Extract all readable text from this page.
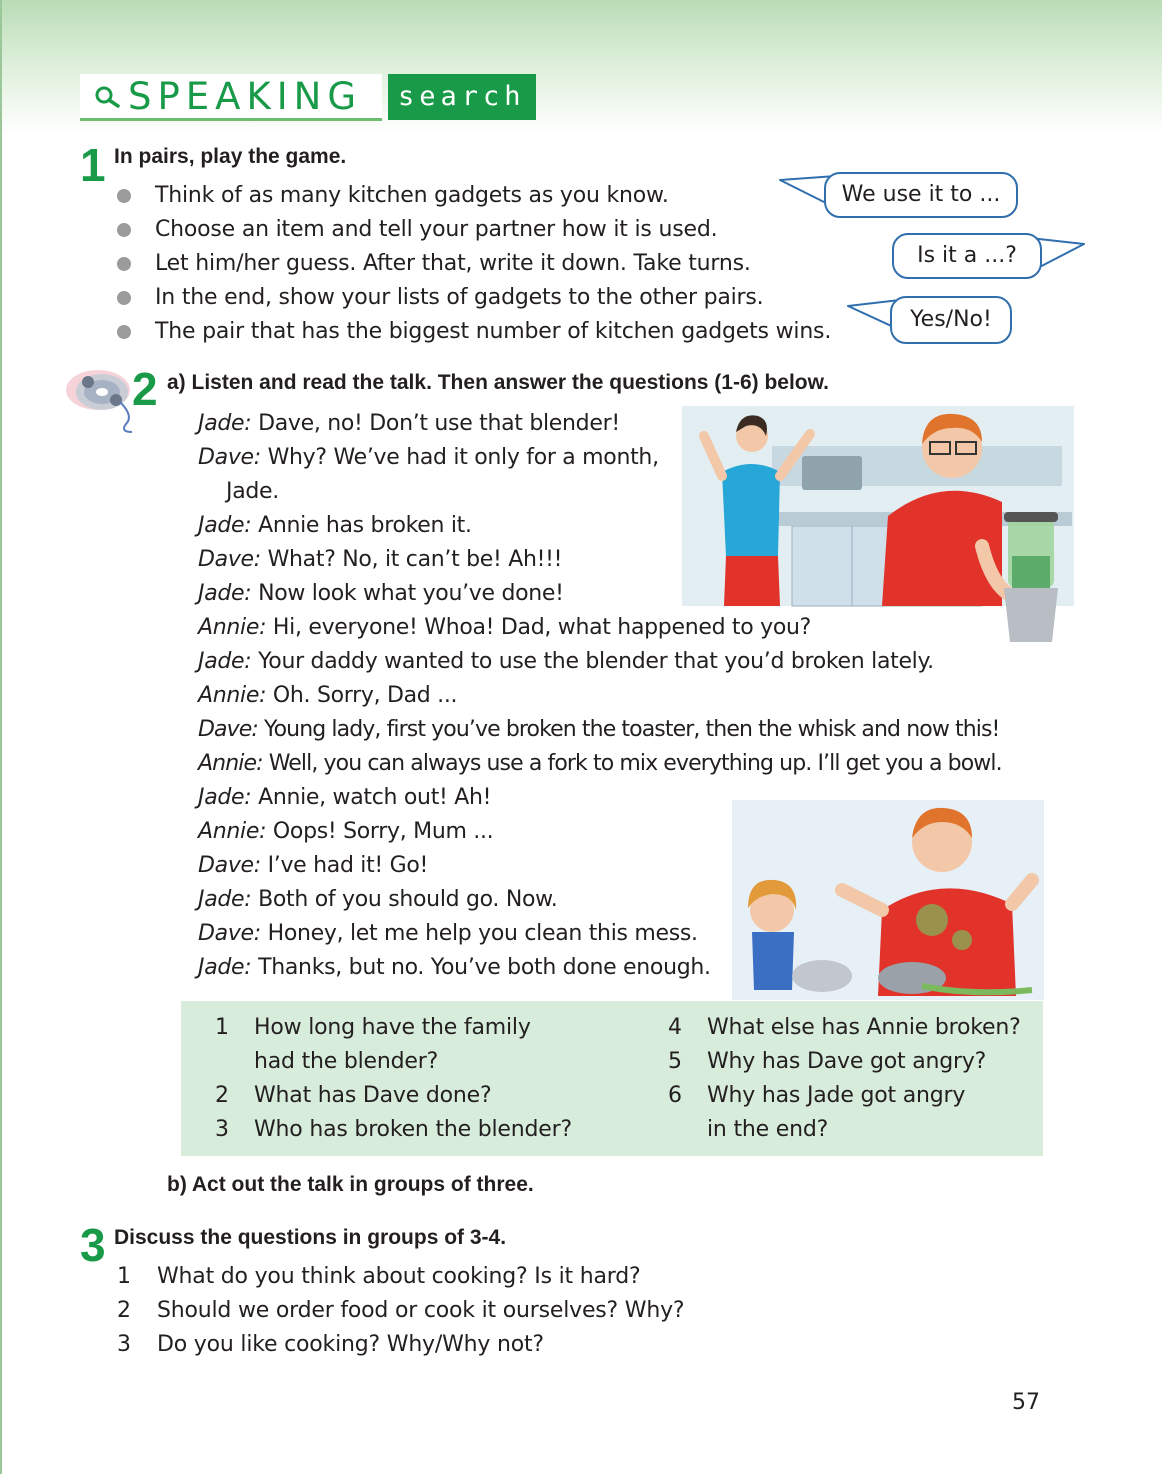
SPEAKING search
1 In pairs, play the game.
Think of as many kitchen gadgets as you know.
Choose an item and tell your partner how it is used.
Let him/her guess. After that, write it down. Take turns.
In the end, show your lists of gadgets to the other pairs.
The pair that has the biggest number of kitchen gadgets wins.
We use it to ...
Is it a ...?
Yes/No!
2 a) Listen and read the talk. Then answer the questions (1-6) below.
Jade: Dave, no! Don’t use that blender!
Dave: Why? We’ve had it only for a month,
Jade.
Jade: Annie has broken it.
Dave: What? No, it can’t be! Ah!!!
Jade: Now look what you’ve done!
Annie: Hi, everyone! Whoa! Dad, what happened to you?
Jade: Your daddy wanted to use the blender that you’d broken lately.
Annie: Oh. Sorry, Dad ...
Dave: Young lady, first you’ve broken the toaster, then the whisk and now this!
Annie: Well, you can always use a fork to mix everything up. I’ll get you a bowl.
Jade: Annie, watch out! Ah!
Annie: Oops! Sorry, Mum ...
Dave: I’ve had it! Go!
Jade: Both of you should go. Now.
Dave: Honey, let me help you clean this mess.
Jade: Thanks, but no. You’ve both done enough.
1 How long have the family
had the blender?
2 What has Dave done?
3 Who has broken the blender?
4 What else has Annie broken?
5 Why has Dave got angry?
6 Why has Jade got angry
in the end?
b) Act out the talk in groups of three.
3 Discuss the questions in groups of 3-4.
1 What do you think about cooking? Is it hard?
2 Should we order food or cook it ourselves? Why?
3 Do you like cooking? Why/Why not?
57
